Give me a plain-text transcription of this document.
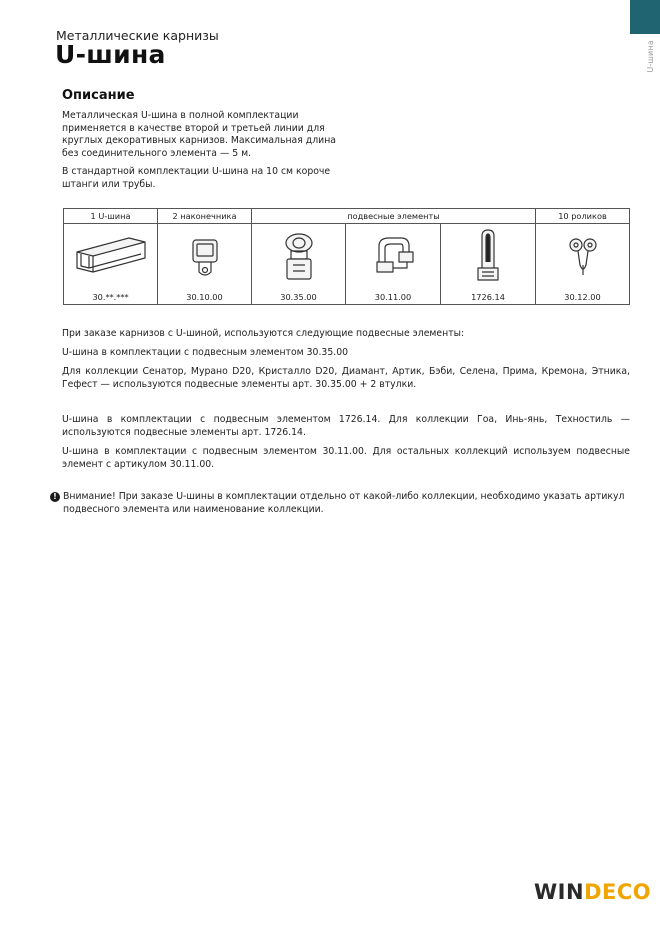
U-шина
Металлические карнизы
U-шина
Описание

Металлическая U-шина в полной комплектации применяется в качестве второй и третьей линии для круглых декоративных карнизов. Максимальная длина без соединительного элемента — 5 м.

В стандартной комплектации U-шина на 10 см короче штанги или трубы.

1 U-шина	2 наконечника	подвесные элементы			10 роликов

30.**.***	30.10.00	30.35.00	30.11.00	1726.14	30.12.00
При заказе карнизов с U-шиной, используются следующие подвесные элементы:
U-шина в комплектации с подвесным элементом 30.35.00
Для коллекции Сенатор, Мурано D20, Кристалло D20, Диамант, Артик, Бэби, Селена, Прима, Кремона, Этника, Гефест — используются подвесные элементы арт. 30.35.00 + 2 втулки.
U-шина в комплектации с подвесным элементом 1726.14. Для коллекции Гоа, Инь-янь, Техностиль — используются подвесные элементы арт. 1726.14.
U-шина в комплектации с подвесным элементом 30.11.00. Для остальных коллекций используем подвесные элемент с артикулом 30.11.00.
! Внимание! При заказе U-шины в комплектации отдельно от какой-либо коллекции, необходимо указать артикул подвесного элемента или наименование коллекции.
WINDECO
